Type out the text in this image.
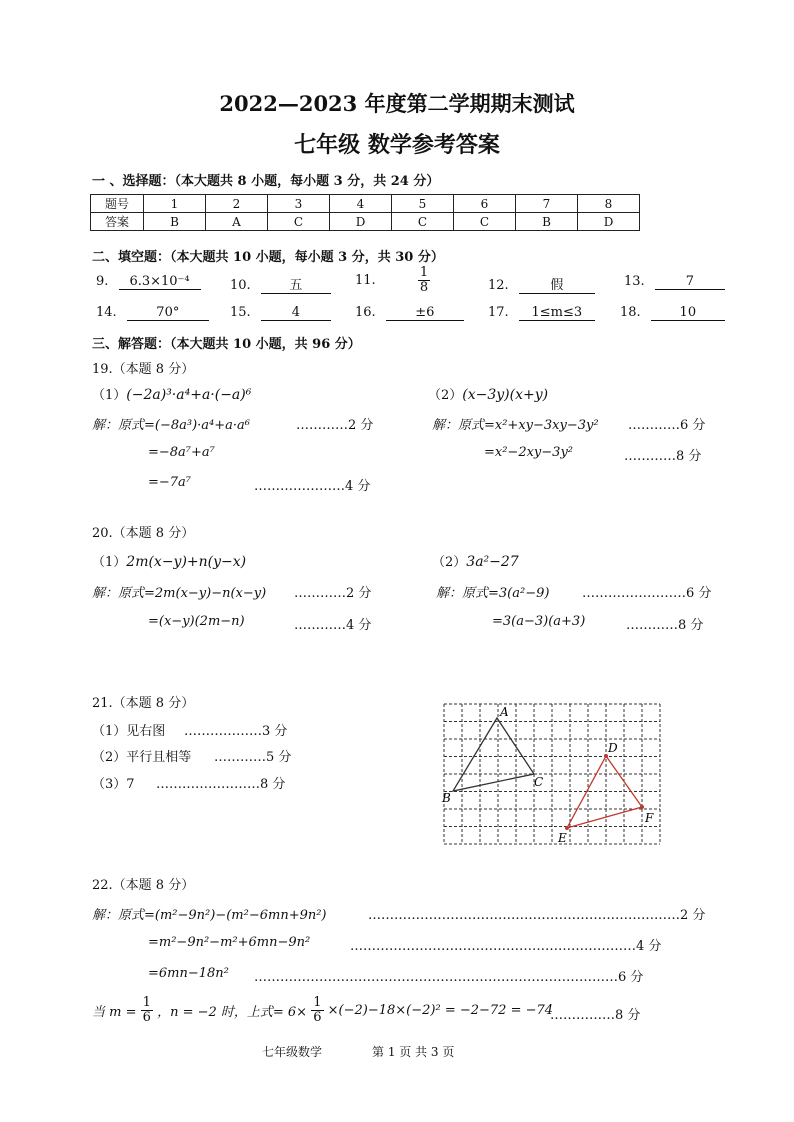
2022—2023 年度第二学期期末测试
七年级 数学参考答案
一 、选择题：（本大题共 8 小题，每小题 3 分，共 24 分）
题号	1	2	3	4	5	6	7	8
答案	B	A	C	D	C	C	B	D
二、填空题：（本大题共 10 小题，每小题 3 分，共 30 分）
9. 6.3×10⁻⁴	10.	五	11.	$\frac{1}{8}$	12.	假	13.	7
14.	70°	15.	4	16.	±6	17. 1≤m≤3	18.	10
三、解答题：（本大题共 10 小题，共 96 分）
19.（本题 8 分）
（1）(−2a)³·a⁴+a·(−a)⁶
解：原式=(−8a³)·a⁴+a·a⁶	…………2 分
=−8a⁷+a⁷
=−7a⁷	…………………4 分
（2）(x−3y)(x+y)
解：原式=x²+xy−3xy−3y² …………6 分
=x²−2xy−3y²	…………8 分
20.（本题 8 分）
（1）2m(x−y)+n(y−x)
解：原式=2m(x−y)−n(x−y) …………2 分
=(x−y)(2m−n)	…………4 分
（2）3a²−27
解：原式=3(a²−9)	……………………6 分
=3(a−3)(a+3)	…………8 分
21.（本题 8 分）
（1）见右图 ………………3 分
（2）平行且相等 …………5 分
（3）7 ……………………8 分
A
B
C
D
E
F
22.（本题 8 分）
解：原式=(m²−9n²)−(m²−6mn+9n²)	………………………………………………………………2 分
=m²−9n²−m²+6mn−9n²	…………………………………………………………4 分
=6mn−18n² …………………………………………………………………………6 分
当 $m = \frac{1}{6}$ ，n = −2 时，上式= $6\times \frac{1}{6} \times(-2)-18\times(-2)^2 = -2-72 = -74$
……………8 分
七年级数学	第 1 页 共 3 页
